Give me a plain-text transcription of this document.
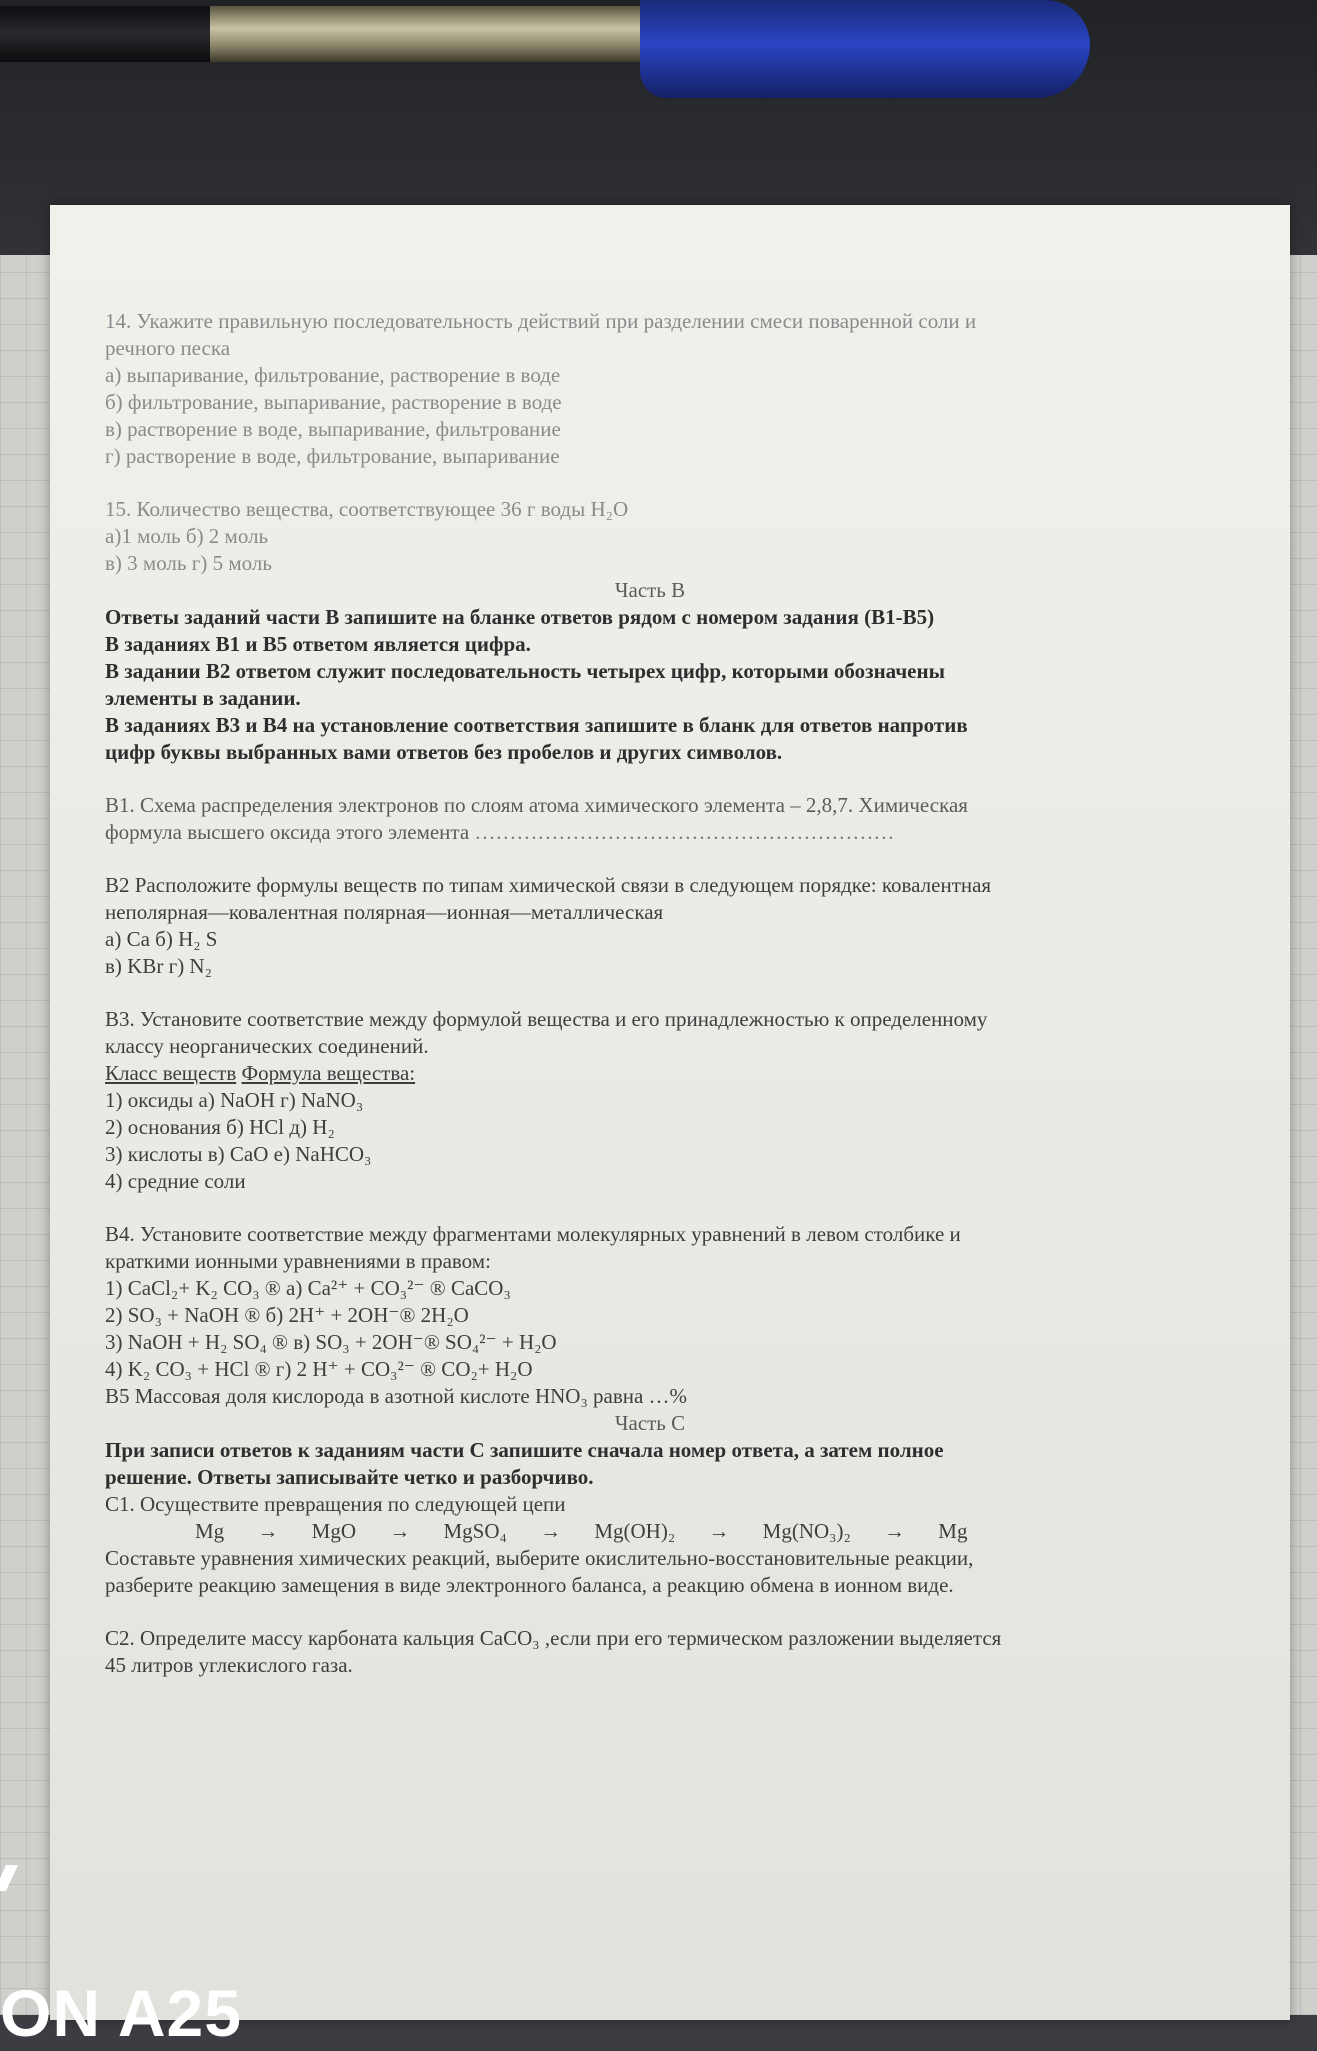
14. Укажите правильную последовательность действий при разделении смеси поваренной соли и
речного песка
а) выпаривание, фильтрование, растворение в воде
б) фильтрование, выпаривание, растворение в воде
в) растворение в воде, выпаривание, фильтрование
г) растворение в воде, фильтрование, выпаривание
15. Количество вещества, соответствующее 36 г воды H₂O
а)1 моль б) 2 моль
в) 3 моль г) 5 моль
Часть В
Ответы заданий части В запишите на бланке ответов рядом с номером задания (В1-В5)
В заданиях В1 и В5 ответом является цифра.
В задании В2 ответом служит последовательность четырех цифр, которыми обозначены
элементы в задании.
В заданиях В3 и В4 на установление соответствия запишите в бланк для ответов напротив
цифр буквы выбранных вами ответов без пробелов и других символов.
В1. Схема распределения электронов по слоям атома химического элемента – 2,8,7. Химическая
формула высшего оксида этого элемента ……………………………………………………
В2 Расположите формулы веществ по типам химической связи в следующем порядке: ковалентная
неполярная—ковалентная полярная—ионная—металлическая
а) Ca б) H₂ S
в) KBr г) N₂
В3. Установите соответствие между формулой вещества и его принадлежностью к определенному
классу неорганических соединений.
Класс веществ Формула вещества:
1) оксиды а) NaOH г) NaNO₃
2) основания б) HCl д) H₂
3) кислоты в) CaO е) NaHCO₃
4) средние соли
В4. Установите соответствие между фрагментами молекулярных уравнений в левом столбике и
краткими ионными уравнениями в правом:
1) CaCl₂+ K₂ CO₃ ® а) Ca²⁺ + CO₃²⁻ ® CaCO₃
2) SO₃ + NaOH ® б) 2H⁺ + 2OH⁻® 2H₂O
3) NaOH + H₂ SO₄ ® в) SO₃ + 2OH⁻® SO₄²⁻ + H₂O
4) K₂ CO₃ + HCl ® г) 2 H⁺ + CO₃²⁻ ® CO₂+ H₂O
В5 Массовая доля кислорода в азотной кислоте HNO₃ равна …%
Часть С
При записи ответов к заданиям части С запишите сначала номер ответа, а затем полное
решение. Ответы записывайте четко и разборчиво.
С1. Осуществите превращения по следующей цепи
Mg → MgO → MgSO₄ → Mg(OH)₂ → Mg(NO₃)₂ → Mg
Составьте уравнения химических реакций, выберите окислительно-восстановительные реакции,
разберите реакцию замещения в виде электронного баланса, а реакцию обмена в ионном виде.
С2. Определите массу карбоната кальция CaCO₃ ,если при его термическом разложении выделяется
45 литров углекислого газа.
ON A25
